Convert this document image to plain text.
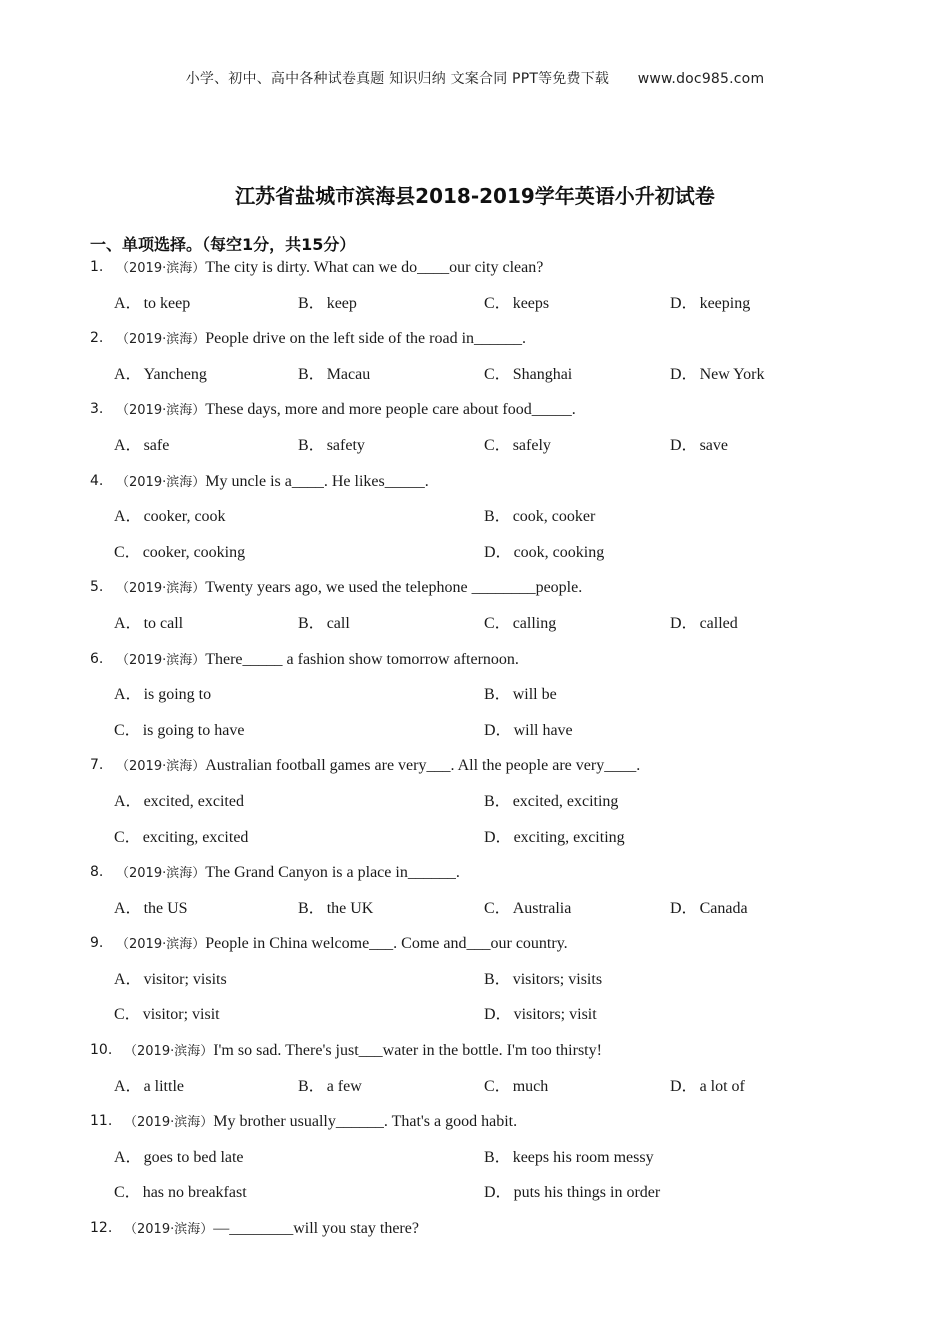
小学、初中、高中各种试卷真题 知识归纳 文案合同 PPT等免费下载 www.doc985.com
江苏省盐城市滨海县2018-2019学年英语小升初试卷
一、单项选择。（每空1分，共15分）
1. （2019·滨海）The city is dirty. What can we do____our city clean?
A． to keep	B． keep	C． keeps	D． keeping
2. （2019·滨海）People drive on the left side of the road in______.
A． Yancheng	B． Macau	C． Shanghai	D． New York
3. （2019·滨海）These days, more and more people care about food_____.
A． safe	B． safety	C． safely	D． save
4. （2019·滨海）My uncle is a____. He likes_____.
A． cooker, cook	B． cook, cooker
C． cooker, cooking	D． cook, cooking
5. （2019·滨海）Twenty years ago, we used the telephone ________people.
A． to call	B． call	C． calling	D． called
6. （2019·滨海）There_____ a fashion show tomorrow afternoon.
A． is going to	B． will be
C． is going to have	D． will have
7. （2019·滨海）Australian football games are very___. All the people are very____.
A． excited, excited	B． excited, exciting
C． exciting, excited	D． exciting, exciting
8. （2019·滨海）The Grand Canyon is a place in______.
A． the US	B． the UK	C． Australia	D． Canada
9. （2019·滨海）People in China welcome___. Come and___our country.
A． visitor; visits	B． visitors; visits
C． visitor; visit	D． visitors; visit
10. （2019·滨海）I'm so sad. There's just___water in the bottle. I'm too thirsty!
A． a little	B． a few	C． much	D． a lot of
11. （2019·滨海）My brother usually______. That's a good habit.
A． goes to bed late	B． keeps his room messy
C． has no breakfast	D． puts his things in order
12. （2019·滨海）—________will you stay there?
